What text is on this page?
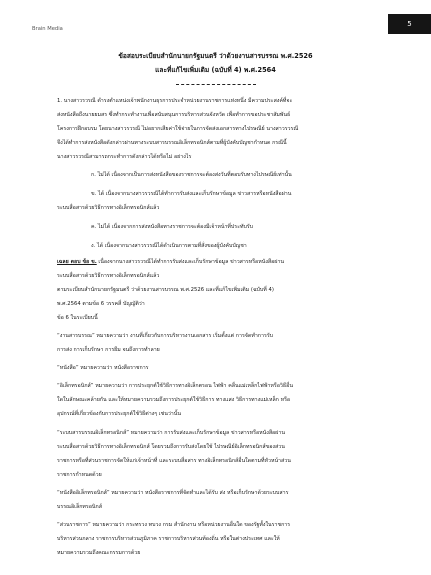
Brain Media
5
ข้อสอบระเบียบสำนักนายกรัฐมนตรี ว่าด้วยงานสารบรรณ พ.ศ.2526
และที่แก้ไขเพิ่มเติม (ฉบับที่ 4) พ.ศ.2564
1. นางสาวรวรณี ดำรงตำแหน่งเจ้าพนักงานธุรการประจำหน่วยงานราชการแห่งหนึ่ง มีความประสงค์ที่จะ
ส่งหนังสือถึงนายยมสร ซึ่งทำกระทำงานเพื่อสนับสนุนการบริหารส่วนจังหวัด เพื่อทำการขอประชาสัมพันธ์
โครงการฝึกอบรม โดยนางสาวรวรณี ไม่อยากเสียค่าใช้จ่ายในการจัดส่งเอกสารทางไปรษณีย์ นางสาวรวรณี
จึงได้ทำการส่งหนังสือดังกล่าวผ่านทางระบบสารบรรณอิเล็กทรอนิกส์ตามที่ผู้บังคับบัญชากำหนด กรณีนี้
นางสาวรวรณีสามารถกระทำการดังกล่าวได้หรือไม่ อย่างไร
ก. ไม่ได้ เนื่องจากเป็นการส่งหนังสือของราชการจะต้องส่งวันที่ตอบรับทางไปรษณีย์เท่านั้น
ข. ได้ เนื่องจากนางสาวรวรณีได้ทำการรับส่งและเก็บรักษาข้อมูล ข่าวสารหรือหนังสือผ่าน
ระบบสื่อสารด้วยวิธีการทางอิเล็กทรอนิกส์แล้ว
ค. ไม่ได้ เนื่องจากการส่งหนังสือทางราชการจะต้องมีเจ้าหน้าที่ประทับรับ
ง. ได้ เนื่องจากนางสาวรวรณีได้ดำเนินการตามที่สั่งของผู้บังคับบัญชา
เฉลย ตอบ ข้อ ข. เนื่องจากนางสาวรวรณีได้ทำการรับส่งและเก็บรักษาข้อมูล ข่าวสารหรือหนังสือผ่าน
ระบบสื่อสารด้วยวิธีการทางอิเล็กทรอนิกส์แล้ว
ตามระเบียบสำนักนายกรัฐมนตรี ว่าด้วยงานสารบรรณ พ.ศ.2526 และที่แก้ไขเพิ่มเติม (ฉบับที่ 4)
พ.ศ.2564 ตามข้อ 6 วรรคสี่ บัญญัติว่า
ข้อ 6 ในระเบียบนี้
“งานสารบรรณ” หมายความว่า งานที่เกี่ยวกับการบริหารงานเอกสาร เริ่มตั้งแต่ การจัดทำการรับ
การส่ง การเก็บรักษา การยืม จนถึงการทำลาย
“หนังสือ” หมายความว่า หนังสือราชการ
“อิเล็กทรอนิกส์” หมายความว่า การประยุกต์ใช้วิธีการทางอิเล็กตรอน ไฟฟ้า คลื่นแม่เหล็กไฟฟ้าหรือวิธีอื่น
ใดในลักษณะคล้ายกัน และให้หมายความรวมถึงการประยุกต์ใช้วิธีการ ทางแสง วิธีการทางแม่เหล็ก หรือ
อุปกรณ์ที่เกี่ยวข้องกับการประยุกต์ใช้วิธีต่างๆ เช่นว่านั้น
“ระบบสารบรรณอิเล็กทรอนิกส์” หมายความว่า การรับส่งและเก็บรักษาข้อมูล ข่าวสารหรือหนังสือผ่าน
ระบบสื่อสารด้วยวิธีการทางอิเล็กทรอนิกส์ โดยรวมถึงการรับส่งโดยใช้ ไปรษณีย์อิเล็กทรอนิกส์ของส่วน
ราชการหรือที่ส่วนราชการจัดให้แก่เจ้าหน้าที่ และระบบสื่อสาร ทางอิเล็กทรอนิกส์อื่นใดตามที่หัวหน้าส่วน
ราชการกำหนดด้วย
“หนังสืออิเล็กทรอนิกส์” หมายความว่า หนังสือราชการที่จัดทำและได้รับ ส่ง หรือเก็บรักษาด้วยระบบสาร
บรรณอิเล็กทรอนิกส์
“ส่วนราชการ” หมายความว่า กระทรวง ทบวง กรม สำนักงาน หรือหน่วยงานอื่นใด ของรัฐทั้งในราชการ
บริหารส่วนกลาง ราชการบริหารส่วนภูมิภาค ราชการบริหารส่วนท้องถิ่น หรือในต่างประเทศ และให้
หมายความรวมถึงคณะกรรมการด้วย
